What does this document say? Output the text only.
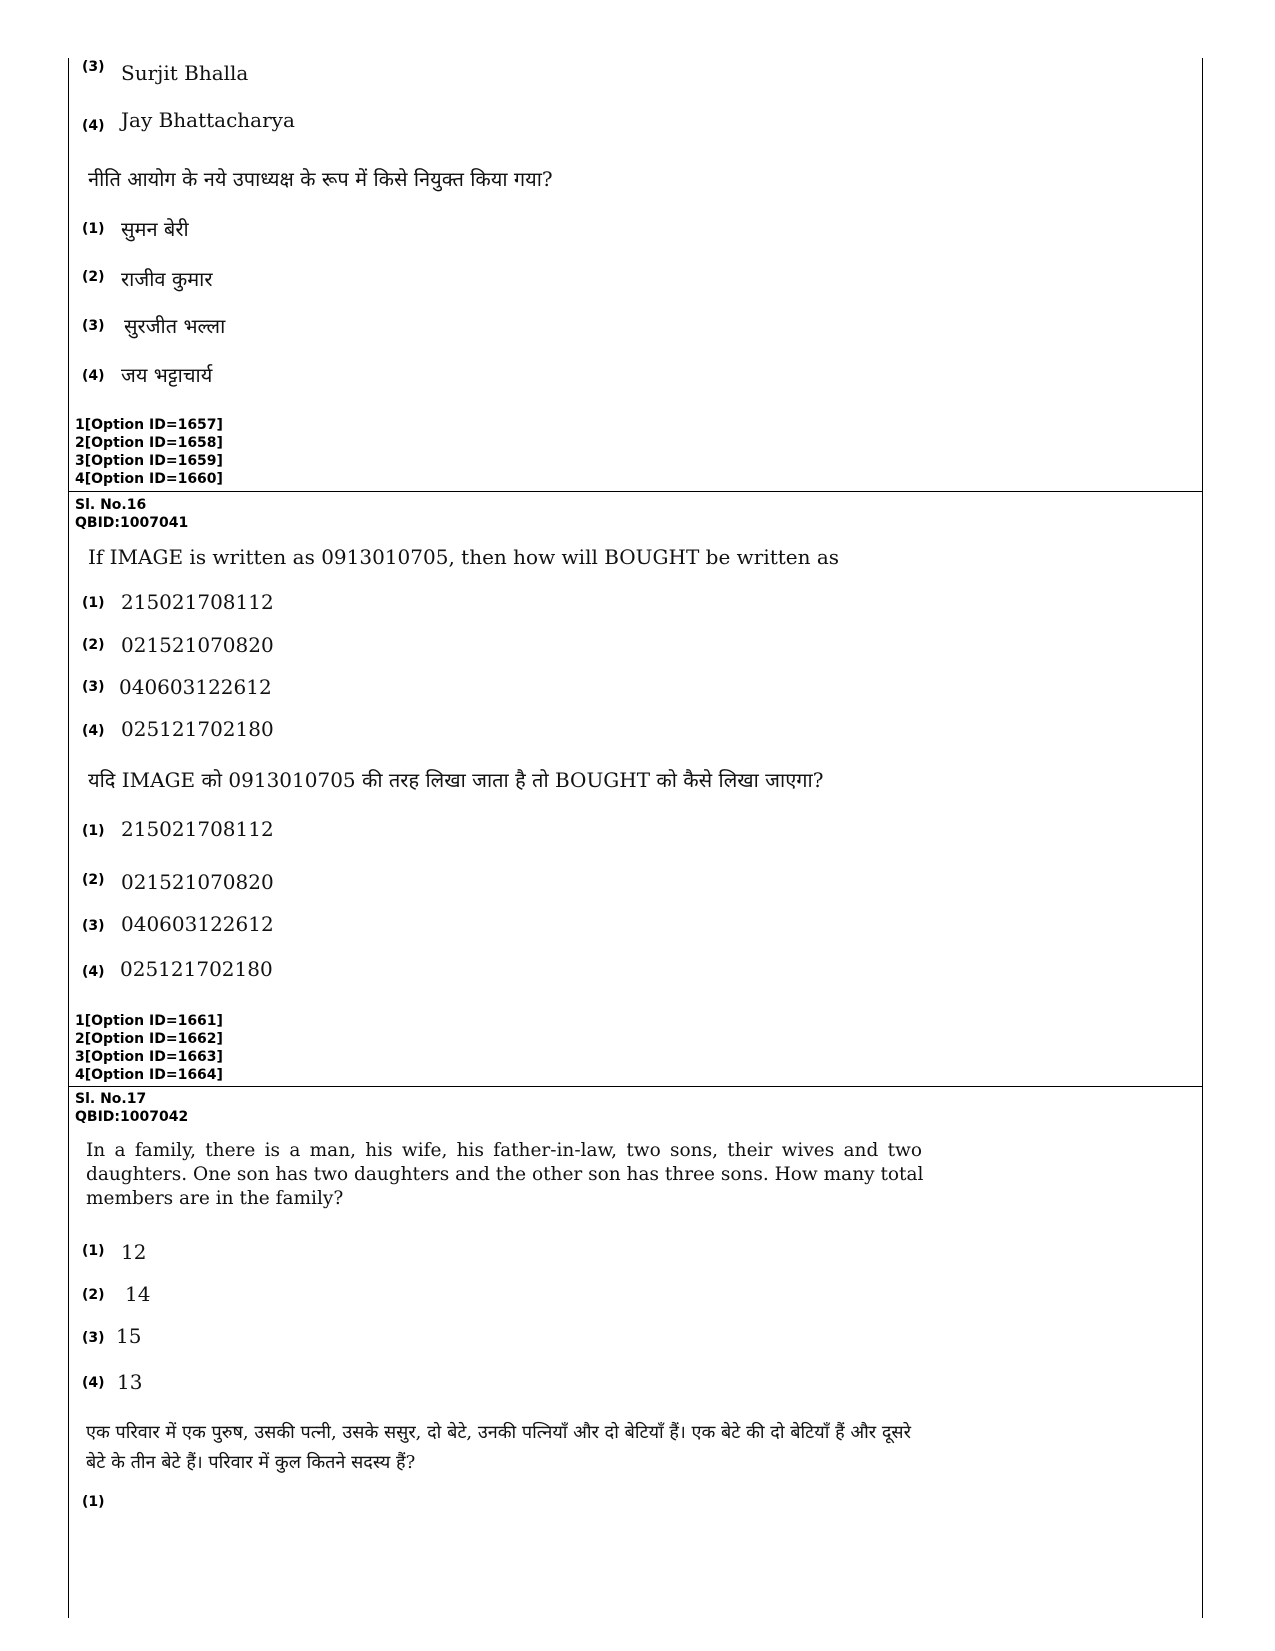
(3) Surjit Bhalla
(4) Jay Bhattacharya
नीति आयोग के नये उपाध्यक्ष के रूप में किसे नियुक्त किया गया?
(1) सुमन बेरी
(2) राजीव कुमार
(3) सुरजीत भल्ला
(4) जय भट्टाचार्य
1[Option ID=1657]
2[Option ID=1658]
3[Option ID=1659]
4[Option ID=1660]
Sl. No.16
QBID:1007041
If IMAGE is written as 0913010705, then how will BOUGHT be written as
(1) 215021708112
(2) 021521070820
(3) 040603122612
(4) 025121702180
यदि IMAGE को 0913010705 की तरह लिखा जाता है तो BOUGHT को कैसे लिखा जाएगा?
(1) 215021708112
(2) 021521070820
(3) 040603122612
(4) 025121702180
1[Option ID=1661]
2[Option ID=1662]
3[Option ID=1663]
4[Option ID=1664]
Sl. No.17
QBID:1007042
In a family, there is a man, his wife, his father-in-law, two sons, their wives and two
daughters. One son has two daughters and the other son has three sons. How many total
members are in the family?
(1) 12
(2) 14
(3) 15
(4) 13
एक परिवार में एक पुरुष, उसकी पत्नी, उसके ससुर, दो बेटे, उनकी पत्नियाँ और दो बेटियाँ हैं। एक बेटे की दो बेटियाँ हैं और दूसरे
बेटे के तीन बेटे हैं। परिवार में कुल कितने सदस्य हैं?
(1)
